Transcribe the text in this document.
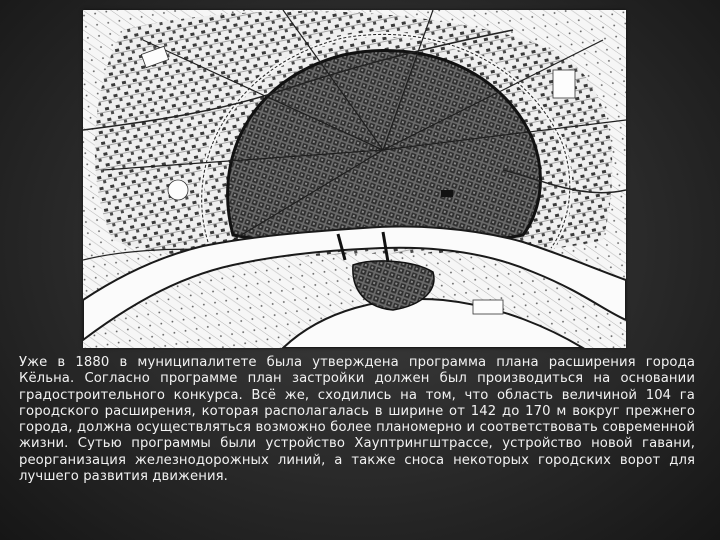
Уже в 1880 в муниципалитете была утверждена программа плана расширения города Кёльна. Согласно программе план застройки должен был производиться на основании градостроительного конкурса. Всё же, сходились на том, что область величиной 104 га городского расширения, которая располагалась в ширине от 142 до 170 м вокруг прежнего города, должна осуществляться возможно более планомерно и соответствовать современной жизни. Сутью программы были устройство Хауптрингштрассе, устройство новой гавани, реорганизация железнодорожных линий, а также сноса некоторых городских ворот для лучшего развития движения.
